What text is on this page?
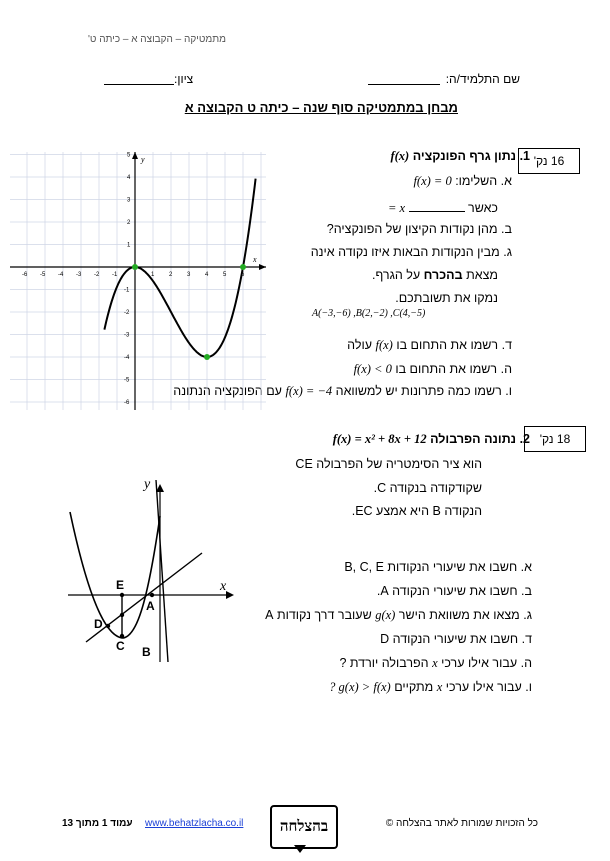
מתמטיקה – הקבוצה א – כיתה ט'
שם התלמיד/ה:
ציון:
מבחן במתמטיקה סוף שנה – כיתה ט הקבוצה א
16 נק'
1. נתון גרף הפונקציה f(x)
א. השלימו: f(x) = 0
כאשר  x =
ב. מהן נקודות הקיצון של הפונקציה?
ג. מבין הנקודות הבאות איזו נקודה אינה
מצאת בהכרח על הגרף.
נמקו את תשובתכם.
A(−3,−6) ,B(2,−2) ,C(4,−5)
ד. רשמו את התחום בו f(x) עולה
ה. רשמו את התחום בו f(x) < 0
ו. רשמו כמה פתרונות יש למשוואה f(x) = −4 עם הפונקציה הנתונה
y
x
-6 -5 -4 -3 -2 -1	1 2 3 4 5 6
5
4
3
2
1
-1
-2
-3
-4
-5
-6
18 נק'
2. נתונה הפרבולה f(x) = x² + 8x + 12
CE הוא ציר הסימטריה של הפרבולה
שקודקודה בנקודה C.
הנקודה B היא אמצע EC.
א. חשבו את שיעורי הנקודות B, C, E
ב. חשבו את שיעורי הנקודה A.
ג. מצאו את משוואת הישר g(x) שעובר דרך נקודות A
ד. חשבו את שיעורי הנקודה D
ה. עבור אילו ערכי x הפרבולה יורדת ?
ו. עבור אילו ערכי x מתקיים g(x) > f(x) ?
y
x
E
A
D
C B
עמוד 1 מתוך 13 www.behatzlacha.co.il בהצלחה	כל הזכויות שמורות לאתר בהצלחה ©
